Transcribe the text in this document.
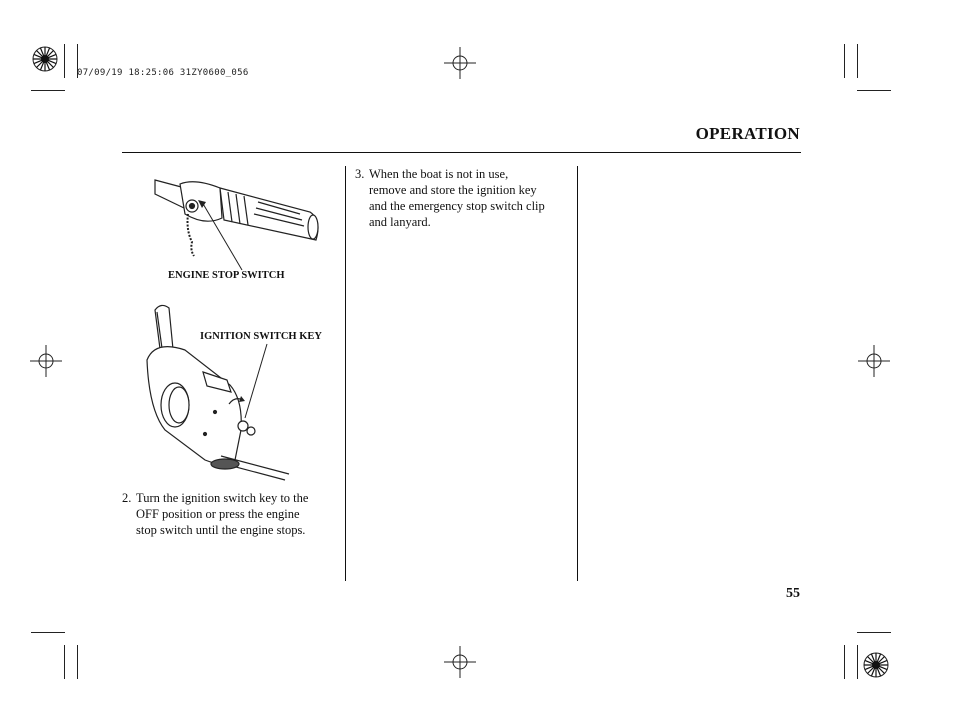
07/09/19 18:25:06 31ZY0600_056
OPERATION
ENGINE STOP SWITCH
IGNITION SWITCH KEY
2. Turn the ignition switch key to the
OFF position or press the engine
stop switch until the engine stops.
3. When the boat is not in use,
remove and store the ignition key
and the emergency stop switch clip
and lanyard.
55
